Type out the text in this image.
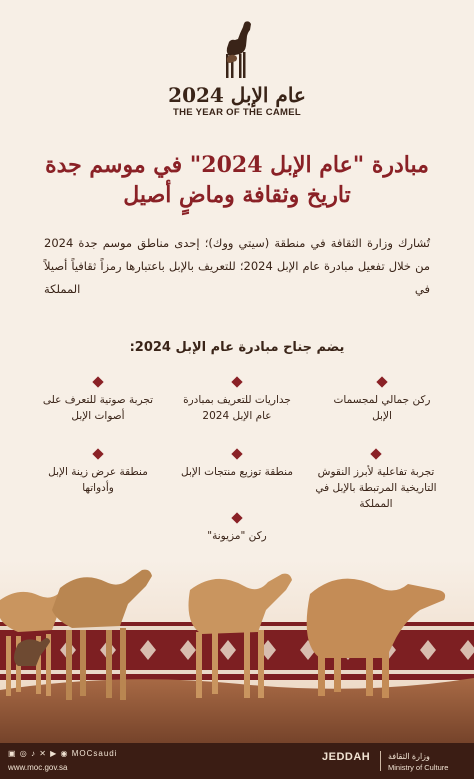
عام الإبل 2024
THE YEAR OF THE CAMEL
مبادرة "عام الإبل 2024" في موسم جدة
تاريخ وثقافة وماضٍ أصيل
تُشارك وزارة الثقافة في منطقة (سيتي ووك)؛ إحدى مناطق موسم جدة 2024 من خلال تفعيل مبادرة عام الإبل 2024؛ للتعريف بالإبل باعتبارها رمزاً ثقافياً أصيلاً في المملكة
يضم جناح مبادرة عام الإبل 2024:
ركن جمالي لمجسمات الإبل
جداريات للتعريف بمبادرة عام الإبل 2024
تجربة صوتية للتعرف على أصوات الإبل
تجربة تفاعلية لأبرز النقوش التاريخية المرتبطة بالإبل في المملكة
منطقة توزيع منتجات الإبل
منطقة عرض زينة الإبل وأدواتها
ركن "مزيونة"
▣ ◎ ♪ ✕ ▶ ◉ MOCsaudi
www.moc.gov.sa
JEDDAH وزارة الثقافة
Ministry of Culture
